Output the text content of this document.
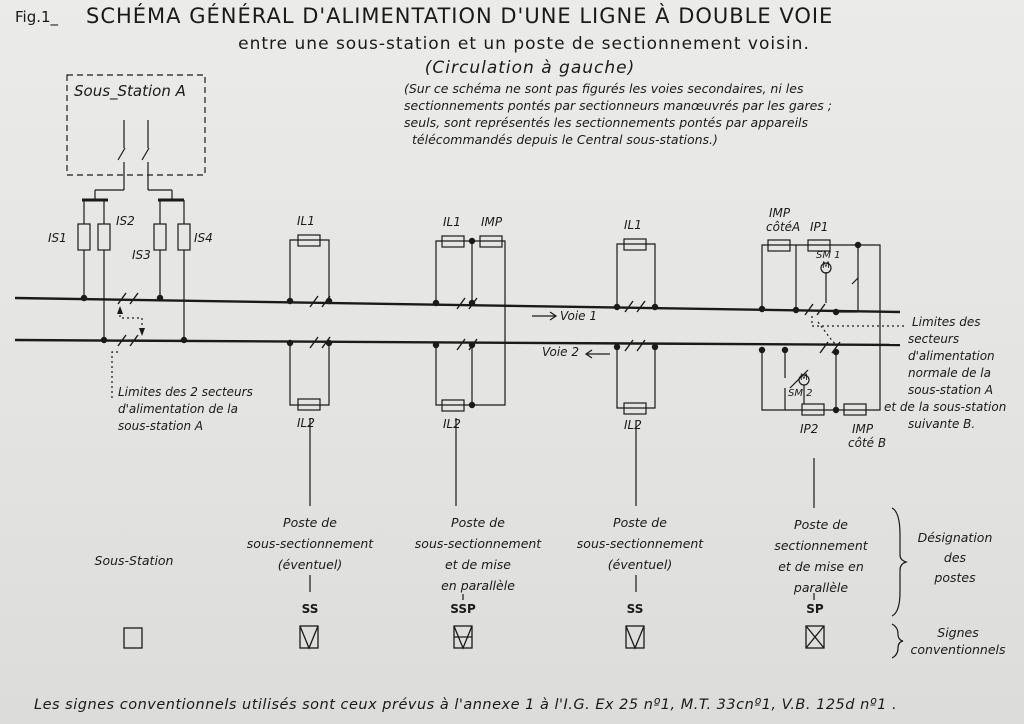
Fig.1_ SCHÉMA GÉNÉRAL D'ALIMENTATION D'UNE LIGNE À DOUBLE VOIE
entre une sous-station et un poste de sectionnement voisin.
(Circulation à gauche)
(Sur ce schéma ne sont pas figurés les voies secondaires, ni les
sectionnements pontés par sectionneurs manœuvrés par les gares ;
seuls, sont représentés les sectionnements pontés par appareils
télécommandés depuis le Central sous-stations.)
Sous_Station A
IS1
IS2
IS3
IS4
IL1
IL2
IL1 IMP
IL2
IL1
IL2
IMP
côtéA IP1
SM 1
M
SM 2
M
IP2	IMP
côté B
Voie 1
Voie 2
Limites des 2 secteurs
d'alimentation de la
sous-station A
Limites des
secteurs
d'alimentation
normale de la
sous-station A
et de la sous-station
suivante B.
Sous-Station
Poste de
sous-sectionnement
(éventuel)
Poste de
sous-sectionnement
et de mise
en parallèle
Poste de
sous-sectionnement
(éventuel)
Poste de
sectionnement
et de mise en
parallèle
SS	SSP	SS	SP
Désignation
des
postes
Signes
conventionnels
Les signes conventionnels utilisés sont ceux prévus à l'annexe 1 à l'I.G. Ex 25 nº1, M.T. 33cnº1, V.B. 125d nº1 .
